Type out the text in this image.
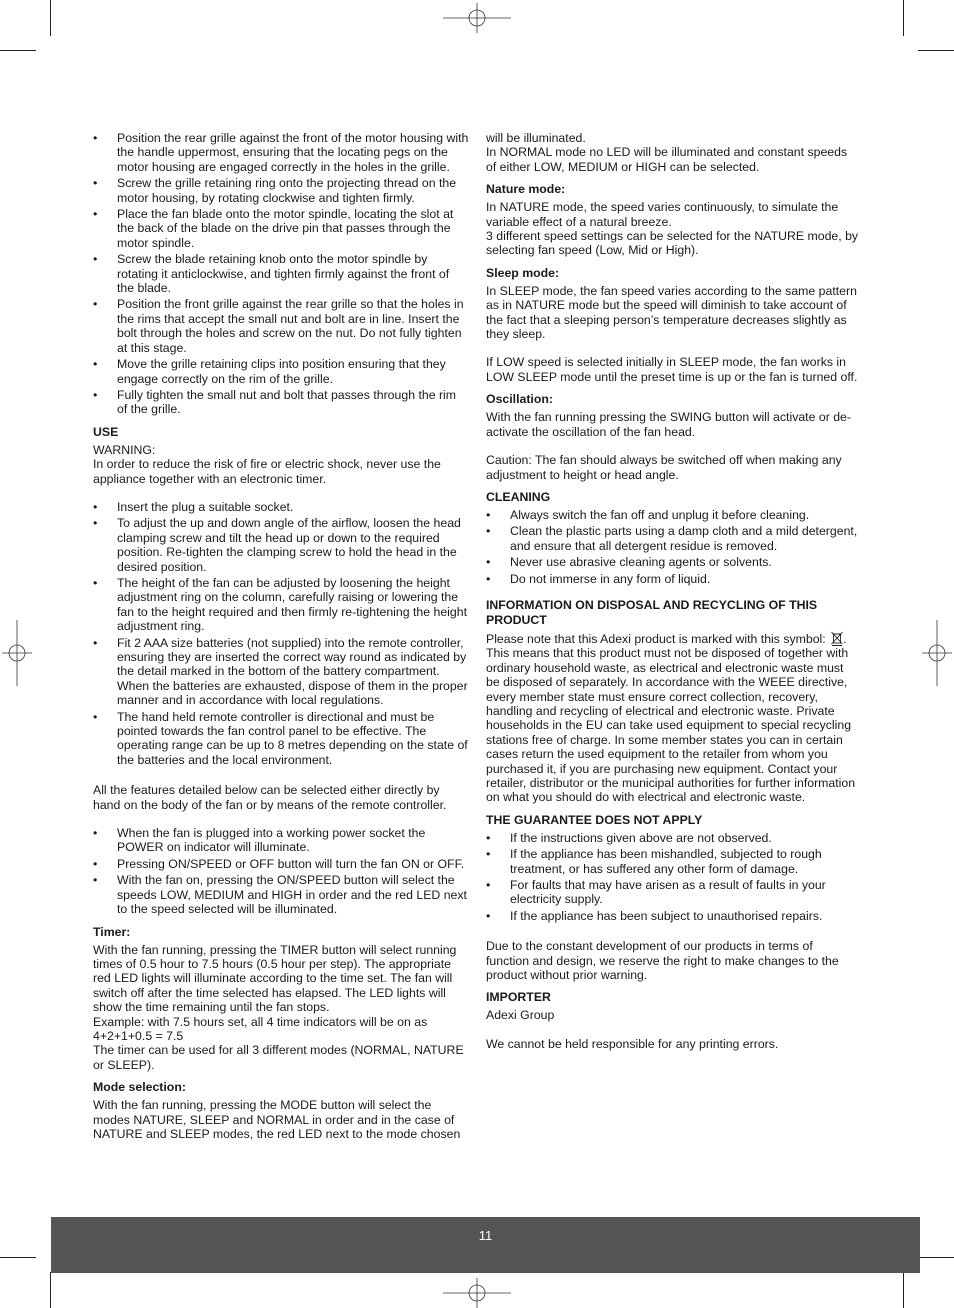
• Position the rear grille against the front of the motor housing with the handle uppermost, ensuring that the locating pegs on the motor housing are engaged correctly in the holes in the grille.
• Screw the grille retaining ring onto the projecting thread on the motor housing, by rotating clockwise and tighten firmly.
• Place the fan blade onto the motor spindle, locating the slot at the back of the blade on the drive pin that passes through the motor spindle.
• Screw the blade retaining knob onto the motor spindle by rotating it anticlockwise, and tighten firmly against the front of the blade.
• Position the front grille against the rear grille so that the holes in the rims that accept the small nut and bolt are in line. Insert the bolt through the holes and screw on the nut. Do not fully tighten at this stage.
• Move the grille retaining clips into position ensuring that they engage correctly on the rim of the grille.
• Fully tighten the small nut and bolt that passes through the rim of the grille.
USE

WARNING:

In order to reduce the risk of fire or electric shock, never use the appliance together with an electronic timer.

• Insert the plug a suitable socket.
• To adjust the up and down angle of the airflow, loosen the head clamping screw and tilt the head up or down to the required position. Re-tighten the clamping screw to hold the head in the desired position.
• The height of the fan can be adjusted by loosening the height adjustment ring on the column, carefully raising or lowering the fan to the height required and then firmly re-tightening the height adjustment ring.
• Fit 2 AAA size batteries (not supplied) into the remote controller, ensuring they are inserted the correct way round as indicated by the detail marked in the bottom of the battery compartment. When the batteries are exhausted, dispose of them in the proper manner and in accordance with local regulations.
• The hand held remote controller is directional and must be pointed towards the fan control panel to be effective. The operating range can be up to 8 metres depending on the state of the batteries and the local environment.

All the features detailed below can be selected either directly by hand on the body of the fan or by means of the remote controller.

• When the fan is plugged into a working power socket the POWER on indicator will illuminate.
• Pressing ON/SPEED or OFF button will turn the fan ON or OFF.
• With the fan on, pressing the ON/SPEED button will select the speeds LOW, MEDIUM and HIGH in order and the red LED next to the speed selected will be illuminated.
Timer:

With the fan running, pressing the TIMER button will select running times of 0.5 hour to 7.5 hours (0.5 hour per step). The appropriate red LED lights will illuminate according to the time set. The fan will switch off after the time selected has elapsed. The LED lights will show the time remaining until the fan stops.

Example: with 7.5 hours set, all 4 time indicators will be on as 4+2+1+0.5 = 7.5

The timer can be used for all 3 different modes (NORMAL, NATURE or SLEEP).

Mode selection:

With the fan running, pressing the MODE button will select the modes NATURE, SLEEP and NORMAL in order and in the case of NATURE and SLEEP modes, the red LED next to the mode chosen

will be illuminated.

In NORMAL mode no LED will be illuminated and constant speeds of either LOW, MEDIUM or HIGH can be selected.

Nature mode:

In NATURE mode, the speed varies continuously, to simulate the variable effect of a natural breeze.

3 different speed settings can be selected for the NATURE mode, by selecting fan speed (Low, Mid or High).

Sleep mode:

In SLEEP mode, the fan speed varies according to the same pattern as in NATURE mode but the speed will diminish to take account of the fact that a sleeping person’s temperature decreases slightly as they sleep.

If LOW speed is selected initially in SLEEP mode, the fan works in LOW SLEEP mode until the preset time is up or the fan is turned off.

Oscillation:

With the fan running pressing the SWING button will activate or de-activate the oscillation of the fan head.

Caution: The fan should always be switched off when making any adjustment to height or head angle.

CLEANING
• Always switch the fan off and unplug it before cleaning.
• Clean the plastic parts using a damp cloth and a mild detergent, and ensure that all detergent residue is removed.
• Never use abrasive cleaning agents or solvents.
• Do not immerse in any form of liquid.
INFORMATION ON DISPOSAL AND RECYCLING OF THIS PRODUCT

Please note that this Adexi product is marked with this symbol: .

This means that this product must not be disposed of together with ordinary household waste, as electrical and electronic waste must be disposed of separately. In accordance with the WEEE directive, every member state must ensure correct collection, recovery, handling and recycling of electrical and electronic waste. Private households in the EU can take used equipment to special recycling stations free of charge. In some member states you can in certain cases return the used equipment to the retailer from whom you purchased it, if you are purchasing new equipment. Contact your retailer, distributor or the municipal authorities for further information on what you should do with electrical and electronic waste.

THE GUARANTEE DOES NOT APPLY
• If the instructions given above are not observed.
• If the appliance has been mishandled, subjected to rough treatment, or has suffered any other form of damage.
• For faults that may have arisen as a result of faults in your electricity supply.
• If the appliance has been subject to unauthorised repairs.

Due to the constant development of our products in terms of function and design, we reserve the right to make changes to the product without prior warning.

IMPORTER

Adexi Group

We cannot be held responsible for any printing errors.

11
